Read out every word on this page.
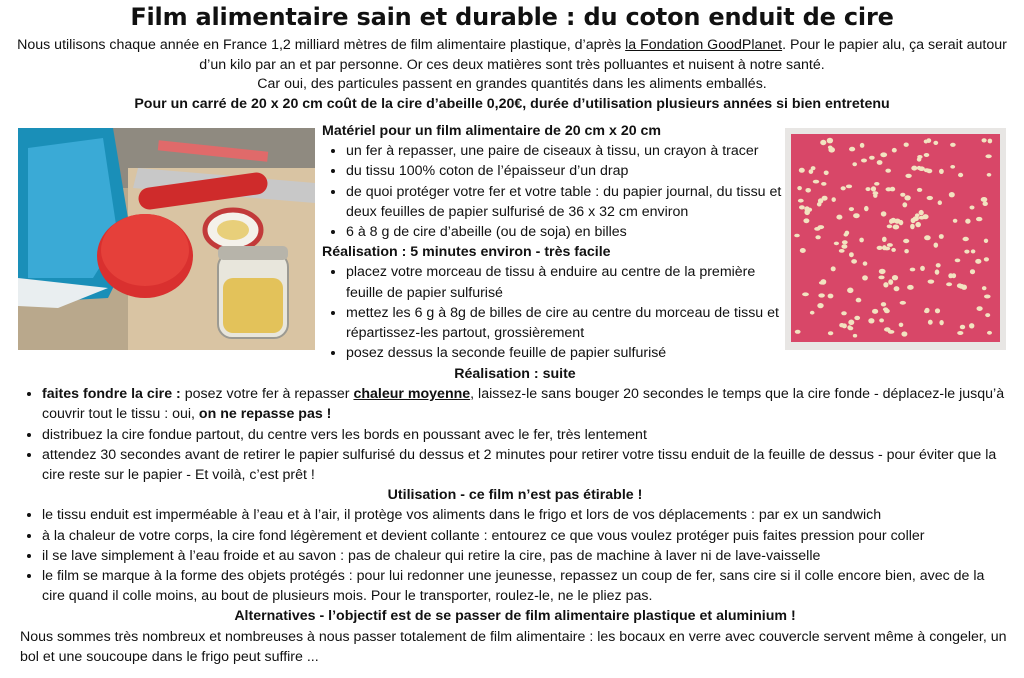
Film alimentaire sain et durable : du coton enduit de cire
Nous utilisons chaque année en France 1,2 milliard mètres de film alimentaire plastique, d’après la Fondation GoodPlanet. Pour le papier alu, ça serait autour d’un kilo par an et par personne. Or ces deux matières sont très polluantes et nuisent à notre santé.
Car oui, des particules passent en grandes quantités dans les aliments emballés.
Pour un carré de 20 x 20 cm coût de la cire d’abeille 0,20€, durée d’utilisation plusieurs années si bien entretenu
Matériel pour un film alimentaire de 20 cm x 20 cm
• un fer à repasser, une paire de ciseaux à tissu, un crayon à tracer
• du tissu 100% coton de l’épaisseur d’un drap
• de quoi protéger votre fer et votre table : du papier journal, du tissu et deux feuilles de papier sulfurisé de 36 x 32 cm environ
• 6 à 8 g de cire d’abeille (ou de soja) en billes
Réalisation : 5 minutes environ - très facile
• placez votre morceau de tissu à enduire au centre de la première feuille de papier sulfurisé
• mettez les 6 g à 8g de billes de cire au centre du morceau de tissu et répartissez-les partout, grossièrement
• posez dessus la seconde feuille de papier sulfurisé
Réalisation : suite
• faites fondre la cire : posez votre fer à repasser chaleur moyenne, laissez-le sans bouger 20 secondes le temps que la cire fonde - déplacez-le jusqu’à couvrir tout le tissu : oui, on ne repasse pas !
• distribuez la cire fondue partout, du centre vers les bords en poussant avec le fer, très lentement
• attendez 30 secondes avant de retirer le papier sulfurisé du dessus et 2 minutes pour retirer votre tissu enduit de la feuille de dessus - pour éviter que la cire reste sur le papier - Et voilà, c’est prêt !
Utilisation - ce film n’est pas étirable !
• le tissu enduit est imperméable à l’eau et à l’air, il protège vos aliments dans le frigo et lors de vos déplacements : par ex un sandwich
• à la chaleur de votre corps, la cire fond légèrement et devient collante : entourez ce que vous voulez protéger puis faites pression pour coller
• il se lave simplement à l’eau froide et au savon : pas de chaleur qui retire la cire, pas de machine à laver ni de lave-vaisselle
• le film se marque à la forme des objets protégés : pour lui redonner une jeunesse, repassez un coup de fer, sans cire si il colle encore bien, avec de la cire quand il colle moins, au bout de plusieurs mois. Pour le transporter, roulez-le, ne le pliez pas.
Alternatives - l’objectif est de se passer de film alimentaire plastique et aluminium !

Nous sommes très nombreux et nombreuses à nous passer totalement de film alimentaire : les bocaux en verre avec couvercle servent même à congeler, un bol et une soucoupe dans le frigo peut suffire ...
